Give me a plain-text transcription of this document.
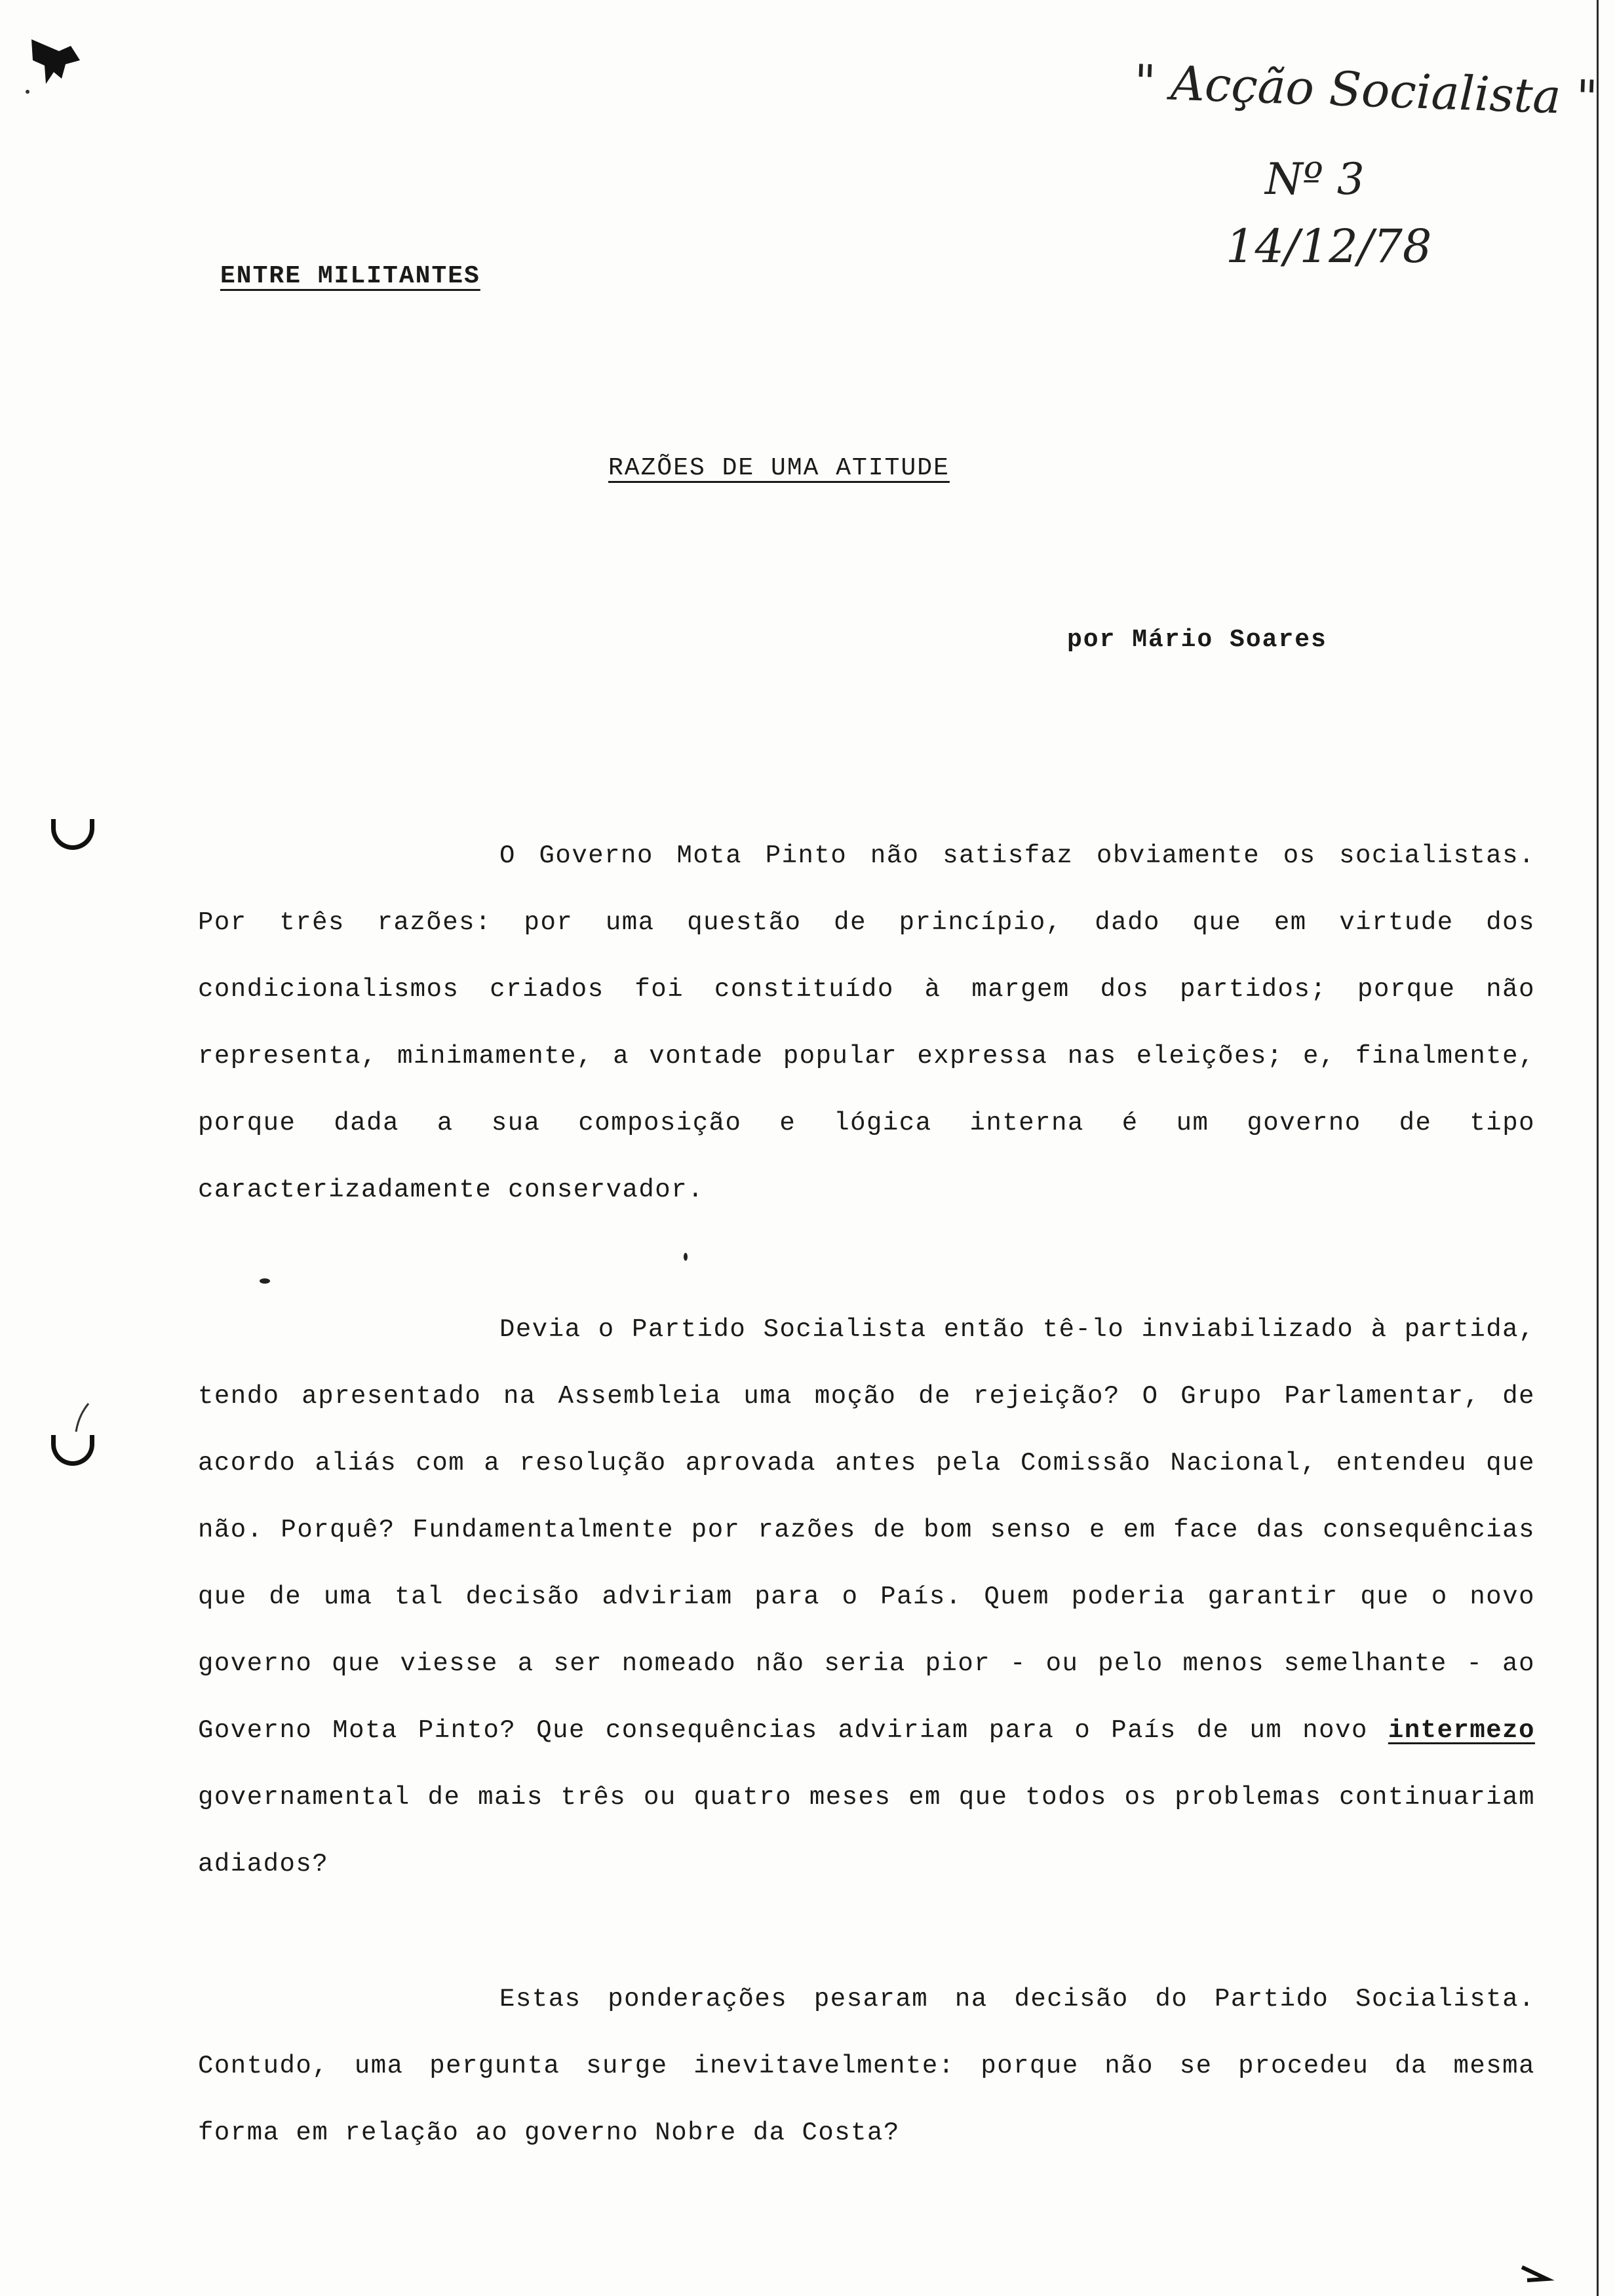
" Acção Socialista "
Nº 3
14/12/78
ENTRE MILITANTES
RAZÕES DE UMA ATITUDE
por Mário Soares

O Governo Mota Pinto não satisfaz obviamente os socialistas. Por três razões: por uma questão de princípio, dado que em virtude dos condicionalismos criados foi constituído à margem dos partidos; porque não representa, minimamente, a vontade popular expressa nas eleições; e, finalmente, porque dada a sua composição e lógica interna é um governo de tipo caracterizadamente conservador.

Devia o Partido Socialista então tê-lo inviabilizado à partida, tendo apresentado na Assembleia uma moção de rejeição? O Grupo Parlamentar, de acordo aliás com a resolução aprovada antes pela Comissão Nacional, entendeu que não. Porquê? Fundamentalmente por razões de bom senso e em face das consequências que de uma tal decisão adviriam para o País. Quem poderia garantir que o novo governo que viesse a ser nomeado não seria pior - ou pelo menos semelhante - ao Governo Mota Pinto? Que consequências adviriam para o País de um novo intermezo governamental de mais três ou quatro meses em que todos os problemas continuariam adiados?

Estas ponderações pesaram na decisão do Partido Socialista. Contudo, uma pergunta surge inevitavelmente: porque não se procedeu da mesma forma em relação ao governo Nobre da Costa?
